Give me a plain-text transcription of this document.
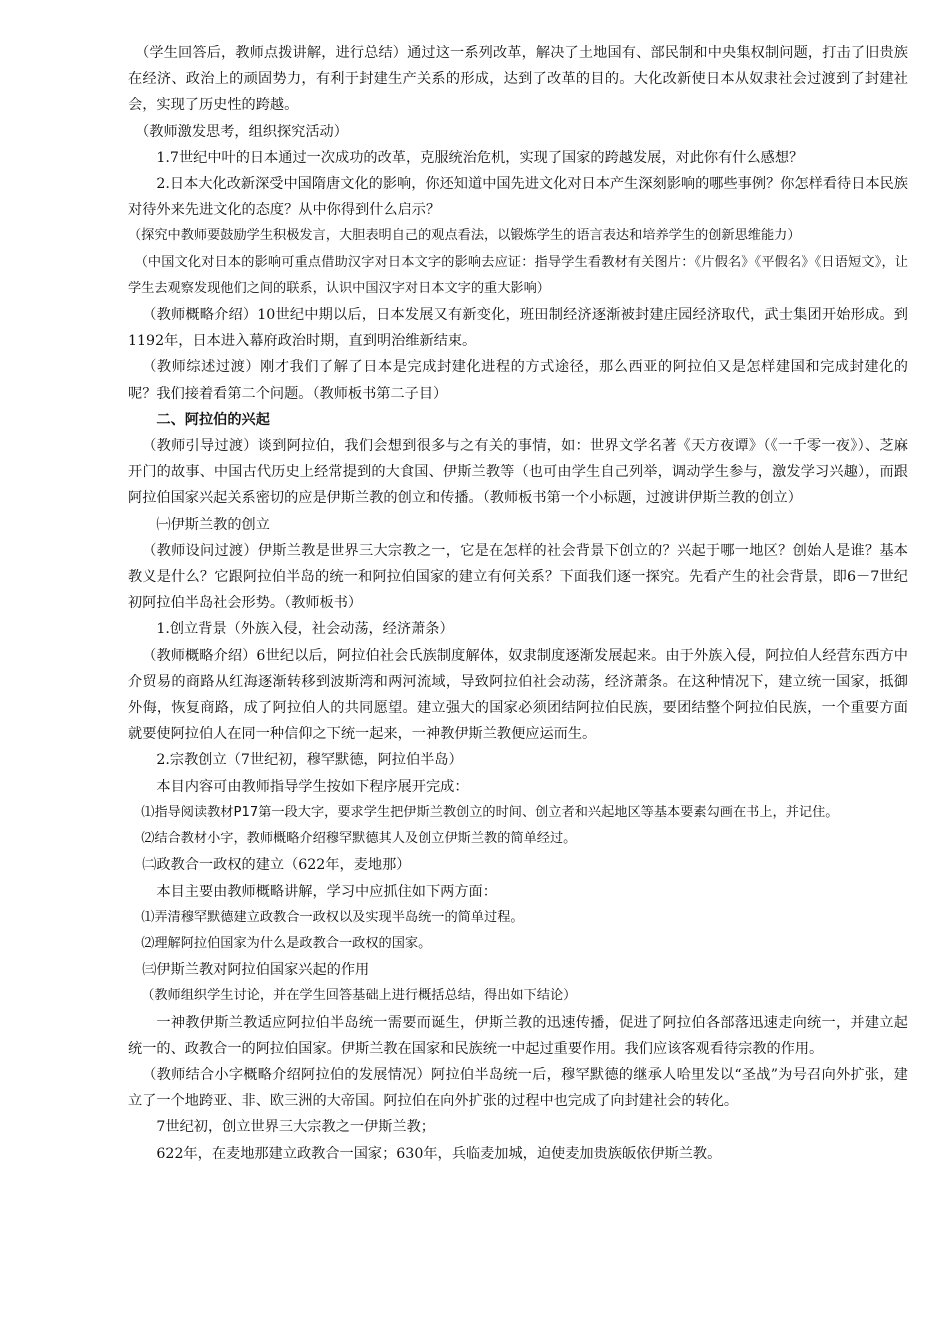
（学生回答后，教师点拨讲解，进行总结）通过这一系列改革，解决了土地国有、部民制和中央集权制问题，打击了旧贵族在经济、政治上的顽固势力，有利于封建生产关系的形成，达到了改革的目的。大化改新使日本从奴隶社会过渡到了封建社会，实现了历史性的跨越。

（教师激发思考，组织探究活动）

1.7世纪中叶的日本通过一次成功的改革，克服统治危机，实现了国家的跨越发展，对此你有什么感想？

2.日本大化改新深受中国隋唐文化的影响，你还知道中国先进文化对日本产生深刻影响的哪些事例？你怎样看待日本民族对待外来先进文化的态度？从中你得到什么启示？

（探究中教师要鼓励学生积极发言，大胆表明自己的观点看法，以锻炼学生的语言表达和培养学生的创新思维能力）

（中国文化对日本的影响可重点借助汉字对日本文字的影响去应证：指导学生看教材有关图片：《片假名》《平假名》《日语短文》，让学生去观察发现他们之间的联系，认识中国汉字对日本文字的重大影响）

（教师概略介绍）10世纪中期以后，日本发展又有新变化，班田制经济逐渐被封建庄园经济取代，武士集团开始形成。到1192年，日本进入幕府政治时期，直到明治维新结束。

（教师综述过渡）刚才我们了解了日本是完成封建化进程的方式途径，那么西亚的阿拉伯又是怎样建国和完成封建化的呢？我们接着看第二个问题。（教师板书第二子目）

　　二、阿拉伯的兴起

（教师引导过渡）谈到阿拉伯，我们会想到很多与之有关的事情，如：世界文学名著《天方夜谭》（《一千零一夜》）、芝麻开门的故事、中国古代历史上经常提到的大食国、伊斯兰教等（也可由学生自己列举，调动学生参与，激发学习兴趣），而跟阿拉伯国家兴起关系密切的应是伊斯兰教的创立和传播。（教师板书第一个小标题，过渡讲伊斯兰教的创立）

㈠伊斯兰教的创立

（教师设问过渡）伊斯兰教是世界三大宗教之一，它是在怎样的社会背景下创立的？兴起于哪一地区？创始人是谁？基本教义是什么？它跟阿拉伯半岛的统一和阿拉伯国家的建立有何关系？下面我们逐一探究。先看产生的社会背景，即6－7世纪初阿拉伯半岛社会形势。（教师板书）

1.创立背景（外族入侵，社会动荡，经济萧条）

（教师概略介绍）6世纪以后，阿拉伯社会氏族制度解体，奴隶制度逐渐发展起来。由于外族入侵，阿拉伯人经营东西方中介贸易的商路从红海逐渐转移到波斯湾和两河流域，导致阿拉伯社会动荡，经济萧条。在这种情况下，建立统一国家，抵御外侮，恢复商路，成了阿拉伯人的共同愿望。建立强大的国家必须团结阿拉伯民族，要团结整个阿拉伯民族，一个重要方面就要使阿拉伯人在同一种信仰之下统一起来，一神教伊斯兰教便应运而生。

2.宗教创立（7世纪初，穆罕默德，阿拉伯半岛）

本目内容可由教师指导学生按如下程序展开完成：

⑴指导阅读教材P17第一段大字，要求学生把伊斯兰教创立的时间、创立者和兴起地区等基本要素勾画在书上，并记住。

⑵结合教材小字，教师概略介绍穆罕默德其人及创立伊斯兰教的简单经过。

㈡政教合一政权的建立（622年，麦地那）

本目主要由教师概略讲解，学习中应抓住如下两方面：

⑴弄清穆罕默德建立政教合一政权以及实现半岛统一的简单过程。

⑵理解阿拉伯国家为什么是政教合一政权的国家。

㈢伊斯兰教对阿拉伯国家兴起的作用

（教师组织学生讨论，并在学生回答基础上进行概括总结，得出如下结论）

一神教伊斯兰教适应阿拉伯半岛统一需要而诞生，伊斯兰教的迅速传播，促进了阿拉伯各部落迅速走向统一，并建立起统一的、政教合一的阿拉伯国家。伊斯兰教在国家和民族统一中起过重要作用。我们应该客观看待宗教的作用。

（教师结合小字概略介绍阿拉伯的发展情况）阿拉伯半岛统一后，穆罕默德的继承人哈里发以“圣战”为号召向外扩张，建立了一个地跨亚、非、欧三洲的大帝国。阿拉伯在向外扩张的过程中也完成了向封建社会的转化。

7世纪初，创立世界三大宗教之一伊斯兰教；

622年，在麦地那建立政教合一国家；630年，兵临麦加城，迫使麦加贵族皈依伊斯兰教。
